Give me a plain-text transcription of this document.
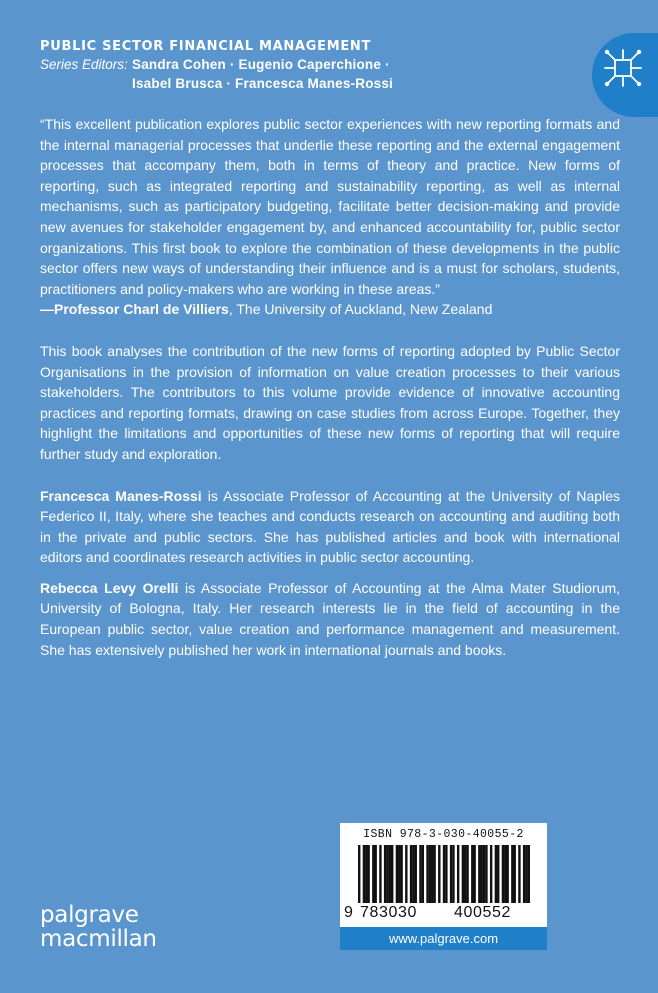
PUBLIC SECTOR FINANCIAL MANAGEMENT
Series Editors: Sandra Cohen · Eugenio Caperchione ·
Isabel Brusca · Francesca Manes-Rossi

“This excellent publication explores public sector experiences with new reporting formats and the internal managerial processes that underlie these reporting and the external engagement processes that accompany them, both in terms of theory and practice. New forms of reporting, such as integrated reporting and sustainability reporting, as well as internal mechanisms, such as participatory budgeting, facilitate better decision-making and provide new avenues for stakeholder engagement by, and enhanced accountability for, public sector organizations. This first book to explore the combination of these developments in the public sector offers new ways of understanding their influence and is a must for scholars, students, practitioners and policy-makers who are working in these areas.”

—Professor Charl de Villiers, The University of Auckland, New Zealand

This book analyses the contribution of the new forms of reporting adopted by Public Sector Organisations in the provision of information on value creation processes to their various stakeholders. The contributors to this volume provide evidence of innovative accounting practices and reporting formats, drawing on case studies from across Europe. Together, they highlight the limitations and opportunities of these new forms of reporting that will require further study and exploration.

Francesca Manes-Rossi is Associate Professor of Accounting at the University of Naples Federico II, Italy, where she teaches and conducts research on accounting and auditing both in the private and public sectors. She has published articles and book with international editors and coordinates research activities in public sector accounting.

Rebecca Levy Orelli is Associate Professor of Accounting at the Alma Mater Studiorum, University of Bologna, Italy. Her research interests lie in the field of accounting in the European public sector, value creation and performance management and measurement. She has extensively published her work in international journals and books.

ISBN 978-3-030-40055-2
9 783030	400552
www.palgrave.com
palgrave
macmillan
